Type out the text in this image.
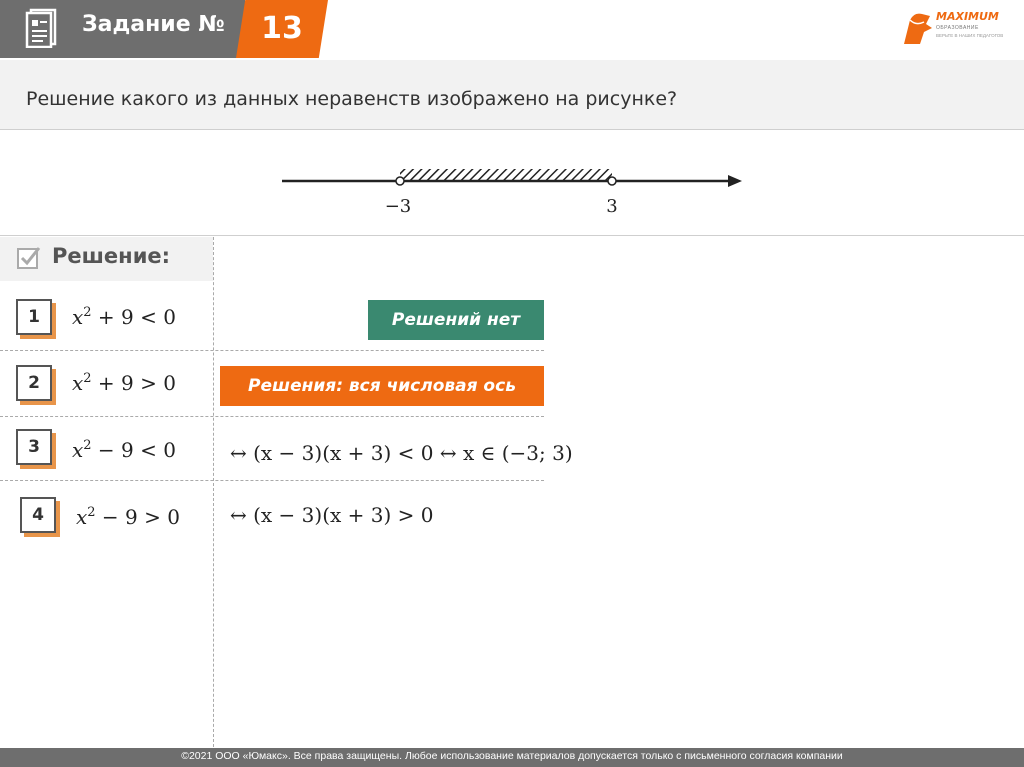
Задание №	13	MAXIMUM
ОБРАЗОВАНИЕ
ВЕРЬТЕ В НАШИХ ПЕДАГОГОВ
Решение какого из данных неравенств изображено на рисунке?
−3	3
Решение:
1	$x^2 + 9 < 0$	Решений нет
2	$x^2 + 9 > 0$	Решения: вся числовая ось
3	$x^2 - 9 < 0$	↔ (x − 3)(x + 3) < 0 ↔ x ∈ (−3; 3)
4	$x^2 - 9 > 0$	↔ (x − 3)(x + 3) > 0
©2021 ООО «Юмакс». Все права защищены. Любое использование материалов допускается только с письменного согласия компании
